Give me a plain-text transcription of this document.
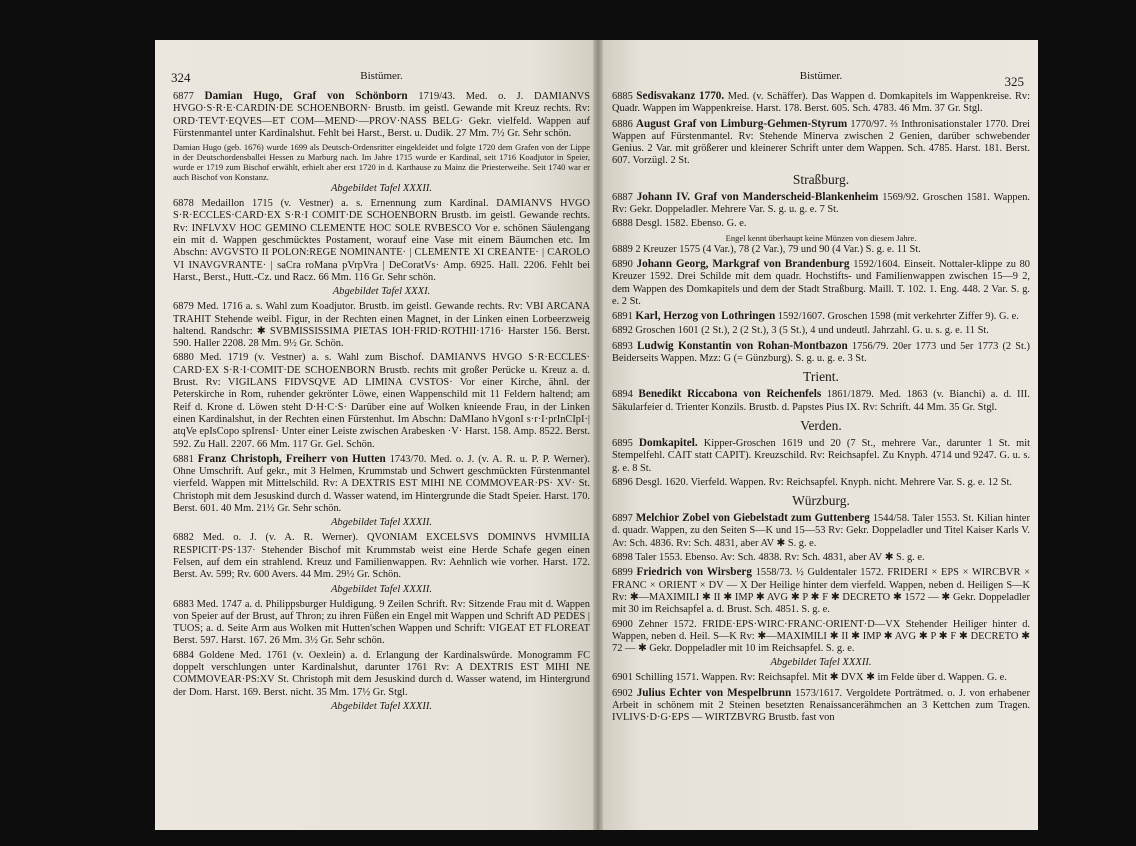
324	Bistümer.
6877 Damian Hugo, Graf von Schönborn 1719/43. Med. o. J. DAMIANVS HVGO·S·R·E·CARDIN·DE SCHOENBORN· Brustb. im geistl. Gewande mit Kreuz rechts. Rv: ORD·TEVT·EQVES—ET COM—MEND·—PROV·NASS BELG· Gekr. vielfeld. Wappen auf Fürstenmantel unter Kardinalshut. Fehlt bei Harst., Berst. u. Dudik. 27 Mm. 7½ Gr. Sehr schön.
Damian Hugo (geb. 1676) wurde 1699 als Deutsch-Ordensritter eingekleidet und folgte 1720 dem Grafen von der Lippe in der Deutschordensballei Hessen zu Marburg nach. Im Jahre 1715 wurde er Kardinal, seit 1716 Koadjutor in Speier, wurde er 1719 zum Bischof erwählt, erhielt aber erst 1720 in d. Karthause zu Mainz die Priesterweihe. Seit 1740 war er auch Bischof von Konstanz.
Abgebildet Tafel XXXII.
6878 Medaillon 1715 (v. Vestner) a. s. Ernennung zum Kardinal. DAMIANVS HVGO S·R·ECCLES·CARD·EX S·R·I COMIT·DE SCHOENBORN Brustb. im geistl. Gewande rechts. Rv: INFLVXV HOC GEMINO CLEMENTE HOC SOLE RVBESCO Vor e. schönen Säulengang ein mit d. Wappen geschmücktes Postament, worauf eine Vase mit einem Bäumchen etc. Im Abschn: AVGVSTO II POLON:REGE NOMINANTE· | CLEMENTE XI CREANTE· | CAROLO VI INAVGVRANTE· | saCra roMana pVrpVra | DeCoratVs· Amp. 6925. Hall. 2206. Fehlt bei Harst., Berst., Hutt.-Cz. und Racz. 66 Mm. 116 Gr. Sehr schön.
Abgebildet Tafel XXXI.
6879 Med. 1716 a. s. Wahl zum Koadjutor. Brustb. im geistl. Gewande rechts. Rv: VBI ARCANA TRAHIT Stehende weibl. Figur, in der Rechten einen Magnet, in der Linken einen Lorbeerzweig haltend. Randschr: ✱ SVBMISSISSIMA PIETAS IOH·FRID·ROTHII·1716· Harster 156. Berst. 590. Haller 2208. 28 Mm. 9½ Gr. Schön.
6880 Med. 1719 (v. Vestner) a. s. Wahl zum Bischof. DAMIANVS HVGO S·R·ECCLES· CARD·EX S·R·I·COMIT·DE SCHOENBORN Brustb. rechts mit großer Perücke u. Kreuz a. d. Brust. Rv: VIGILANS FIDVSQVE AD LIMINA CVSTOS· Vor einer Kirche, ähnl. der Peterskirche in Rom, ruhender gekrönter Löwe, einen Wappenschild mit 11 Feldern haltend; am Reif d. Krone d. Löwen steht D·H·C·S· Darüber eine auf Wolken knieende Frau, in der Linken einen Kardinalshut, in der Rechten einen Fürstenhut. Im Abschn: DaMIano hVgonI s·r·I·prInCIpI·| atqVe epIsCopo spIrensI· Unter einer Leiste zwischen Arabesken ·V· Harst. 158. Amp. 8522. Berst. 592. Zu Hall. 2207. 66 Mm. 117 Gr. Gel. Schön.
6881 Franz Christoph, Freiherr von Hutten 1743/70. Med. o. J. (v. A. R. u. P. P. Werner). Ohne Umschrift. Auf gekr., mit 3 Helmen, Krummstab und Schwert geschmückten Fürstenmantel vierfeld. Wappen mit Mittelschild. Rv: A DEXTRIS EST MIHI NE COMMOVEAR·PS· XV· St. Christoph mit dem Jesuskind durch d. Wasser watend, im Hintergrunde die Stadt Speier. Harst. 170. Berst. 601. 40 Mm. 21½ Gr. Sehr schön.
Abgebildet Tafel XXXII.
6882 Med. o. J. (v. A. R. Werner). QVONIAM EXCELSVS DOMINVS HVMILIA RESPICIT·PS·137· Stehender Bischof mit Krummstab weist eine Herde Schafe gegen einen Felsen, auf dem ein strahlend. Kreuz und Familienwappen. Rv: Aehnlich wie vorher. Harst. 172. Berst. Av. 599; Rv. 600 Avers. 44 Mm. 29½ Gr. Schön.
Abgebildet Tafel XXXII.
6883 Med. 1747 a. d. Philippsburger Huldigung. 9 Zeilen Schrift. Rv: Sitzende Frau mit d. Wappen von Speier auf der Brust, auf Thron; zu ihren Füßen ein Engel mit Wappen und Schrift AD PEDES | TUOS; a. d. Seite Arm aus Wolken mit Hutten'schen Wappen und Schrift: VIGEAT ET FLOREAT Berst. 597. Harst. 167. 26 Mm. 3½ Gr. Sehr schön.
6884 Goldene Med. 1761 (v. Oexlein) a. d. Erlangung der Kardinalswürde. Monogramm FC doppelt verschlungen unter Kardinalshut, darunter 1761 Rv: A DEXTRIS EST MIHI NE COMMOVEAR·PS:XV St. Christoph mit dem Jesuskind durch d. Wasser watend, im Hintergrund der Dom. Harst. 169. Berst. nicht. 35 Mm. 17½ Gr. Stgl.
Abgebildet Tafel XXXII.
Bistümer.	325
6885 Sedisvakanz 1770. Med. (v. Schäffer). Das Wappen d. Domkapitels im Wappenkreise. Rv: Quadr. Wappen im Wappenkreise. Harst. 178. Berst. 605. Sch. 4783. 46 Mm. 37 Gr. Stgl.
6886 August Graf von Limburg-Gehmen-Styrum 1770/97. ⅔ Inthronisationstaler 1770. Drei Wappen auf Fürstenmantel. Rv: Stehende Minerva zwischen 2 Genien, darüber schwebender Genius. 2 Var. mit größerer und kleinerer Schrift unter dem Wappen. Sch. 4785. Harst. 181. Berst. 607. Vorzügl. 2 St.
Straßburg.
6887 Johann IV. Graf von Manderscheid-Blankenheim 1569/92. Groschen 1581. Wappen. Rv: Gekr. Doppeladler. Mehrere Var. S. g. u. g. e. 7 St.
6888 Desgl. 1582. Ebenso. G. e.
Engel kennt überhaupt keine Münzen von diesem Jahre.
6889 2 Kreuzer 1575 (4 Var.), 78 (2 Var.), 79 und 90 (4 Var.) S. g. e. 11 St.
6890 Johann Georg, Markgraf von Brandenburg 1592/1604. Einseit. Nottaler-klippe zu 80 Kreuzer 1592. Drei Schilde mit dem quadr. Hochstifts- und Familienwappen zwischen 15—9 2, dem Wappen des Domkapitels und dem der Stadt Straßburg. Maill. T. 102. 1. Eng. 448. 2 Var. S. g. e. 2 St.
6891 Karl, Herzog von Lothringen 1592/1607. Groschen 1598 (mit verkehrter Ziffer 9). G. e.
6892 Groschen 1601 (2 St.), 2 (2 St.), 3 (5 St.), 4 und undeutl. Jahrzahl. G. u. s. g. e. 11 St.
6893 Ludwig Konstantin von Rohan-Montbazon 1756/79. 20er 1773 und 5er 1773 (2 St.) Beiderseits Wappen. Mzz: G (= Günzburg). S. g. u. g. e. 3 St.
Trient.
6894 Benedikt Riccabona von Reichenfels 1861/1879. Med. 1863 (v. Bianchi) a. d. III. Säkularfeier d. Trienter Konzils. Brustb. d. Papstes Pius IX. Rv: Schrift. 44 Mm. 35 Gr. Stgl.
Verden.
6895 Domkapitel. Kipper-Groschen 1619 und 20 (7 St., mehrere Var., darunter 1 St. mit Stempelfehl. CAIT statt CAPIT). Kreuzschild. Rv: Reichsapfel. Zu Knyph. 4714 und 9247. G. u. s. g. e. 8 St.
6896 Desgl. 1620. Vierfeld. Wappen. Rv: Reichsapfel. Knyph. nicht. Mehrere Var. S. g. e. 12 St.
Würzburg.
6897 Melchior Zobel von Giebelstadt zum Guttenberg 1544/58. Taler 1553. St. Kilian hinter d. quadr. Wappen, zu den Seiten S—K und 15—53 Rv: Gekr. Doppeladler und Titel Kaiser Karls V. Av: Sch. 4836. Rv: Sch. 4831, aber AV ✱ S. g. e.
6898 Taler 1553. Ebenso. Av: Sch. 4838. Rv: Sch. 4831, aber AV ✱ S. g. e.
6899 Friedrich von Wirsberg 1558/73. ½ Guldentaler 1572. FRIDERI × EPS × WIRCBVR × FRANC × ORIENT × DV — X Der Heilige hinter dem vierfeld. Wappen, neben d. Heiligen S—K Rv: ✱—MAXIMILI ✱ II ✱ IMP ✱ AVG ✱ P ✱ F ✱ DECRETO ✱ 1572 — ✱ Gekr. Doppeladler mit 30 im Reichsapfel a. d. Brust. Sch. 4851. S. g. e.
6900 Zehner 1572. FRIDE·EPS·WIRC·FRANC·ORIENT·D—VX Stehender Heiliger hinter d. Wappen, neben d. Heil. S—K Rv: ✱—MAXIMILI ✱ II ✱ IMP ✱ AVG ✱ P ✱ F ✱ DECRETO ✱ 72 — ✱ Gekr. Doppeladler mit 10 im Reichsapfel. S. g. e.
Abgebildet Tafel XXXII.
6901 Schilling 1571. Wappen. Rv: Reichsapfel. Mit ✱ DVX ✱ im Felde über d. Wappen. G. e.
6902 Julius Echter von Mespelbrunn 1573/1617. Vergoldete Porträtmed. o. J. von erhabener Arbeit in schönem mit 2 Steinen besetzten Renaissancerähmchen an 3 Kettchen zum Tragen. IVLIVS·D·G·EPS — WIRTZBVRG Brustb. fast von
